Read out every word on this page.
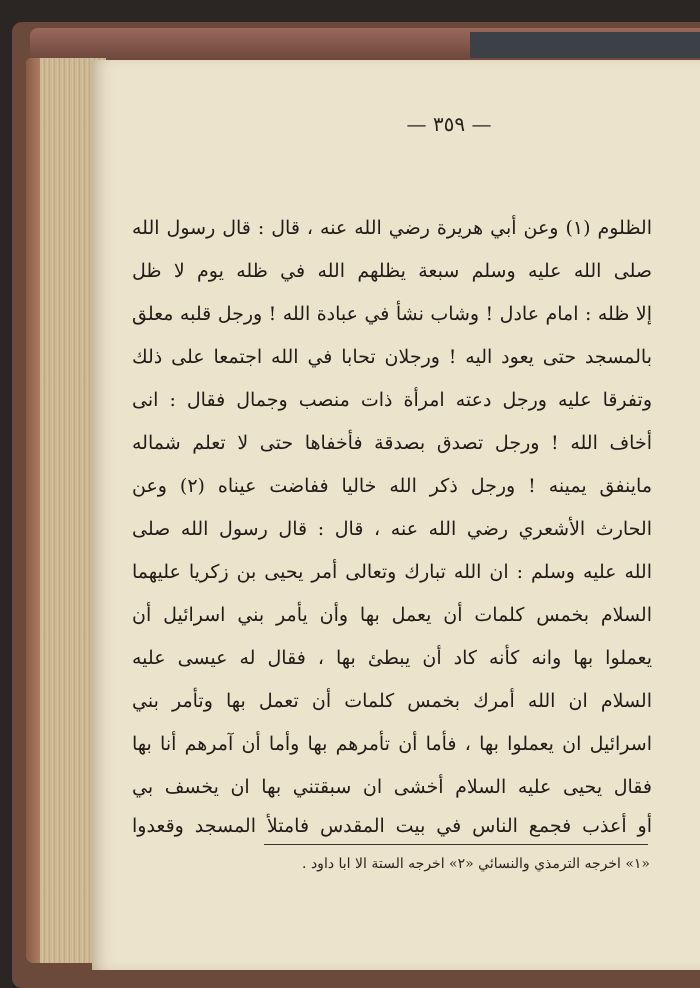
— ٣٥٩ —
الظلوم (١) وعن أبي هريرة رضي الله عنه ، قال : قال رسول الله
صلى الله عليه وسلم سبعة يظلهم الله في ظله يوم لا ظل
إلا ظله : امام عادل ! وشاب نشأ في عبادة الله ! ورجل قلبه معلق
بالمسجد حتى يعود اليه ! ورجلان تحابا في الله اجتمعا على ذلك
وتفرقا عليه ورجل دعته امرأة ذات منصب وجمال فقال : انى
أخاف الله ! ورجل تصدق بصدقة فأخفاها حتى لا تعلم شماله
ماينفق يمينه ! ورجل ذكر الله خاليا ففاضت عيناه (٢) وعن
الحارث الأشعري رضي الله عنه ، قال : قال رسول الله صلى
الله عليه وسلم : ان الله تبارك وتعالى أمر يحيى بن زكريا عليهما
السلام بخمس كلمات أن يعمل بها وأن يأمر بني اسرائيل أن
يعملوا بها وانه كأنه كاد أن يبطئ بها ، فقال له عيسى عليه
السلام ان الله أمرك بخمس كلمات أن تعمل بها وتأمر بني
اسرائيل ان يعملوا بها ، فأما أن تأمرهم بها وأما أن آمرهم أنا بها
فقال يحيى عليه السلام أخشى ان سبقتني بها ان يخسف بي
أو أعذب فجمع الناس في بيت المقدس فامتلأ المسجد وقعدوا
«١» اخرجه الترمذي والنسائي «٢» اخرجه الستة الا ابا داود .
